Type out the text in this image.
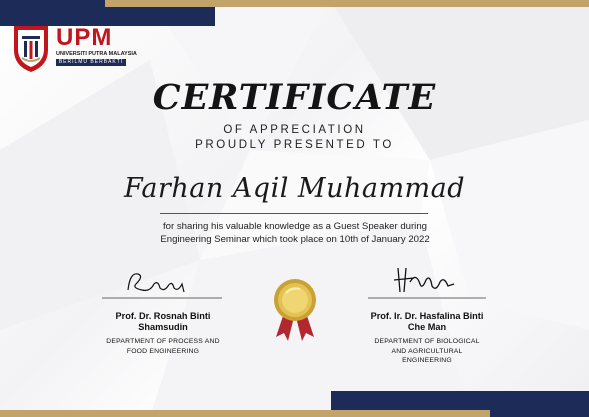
UPM
UNIVERSITI PUTRA MALAYSIA
BERILMU BERBAKTI
CERTIFICATE
OF APPRECIATION
PROUDLY PRESENTED TO
Farhan Aqil Muhammad
for sharing his valuable knowledge as a Guest Speaker during Engineering Seminar which took place on 10th of January 2022
Prof. Dr. Rosnah Binti
Shamsudin
DEPARTMENT OF PROCESS AND
FOOD ENGINEERING
Prof. Ir. Dr. Hasfalina Binti
Che Man
DEPARTMENT OF BIOLOGICAL
AND AGRICULTURAL
ENGINEERING
